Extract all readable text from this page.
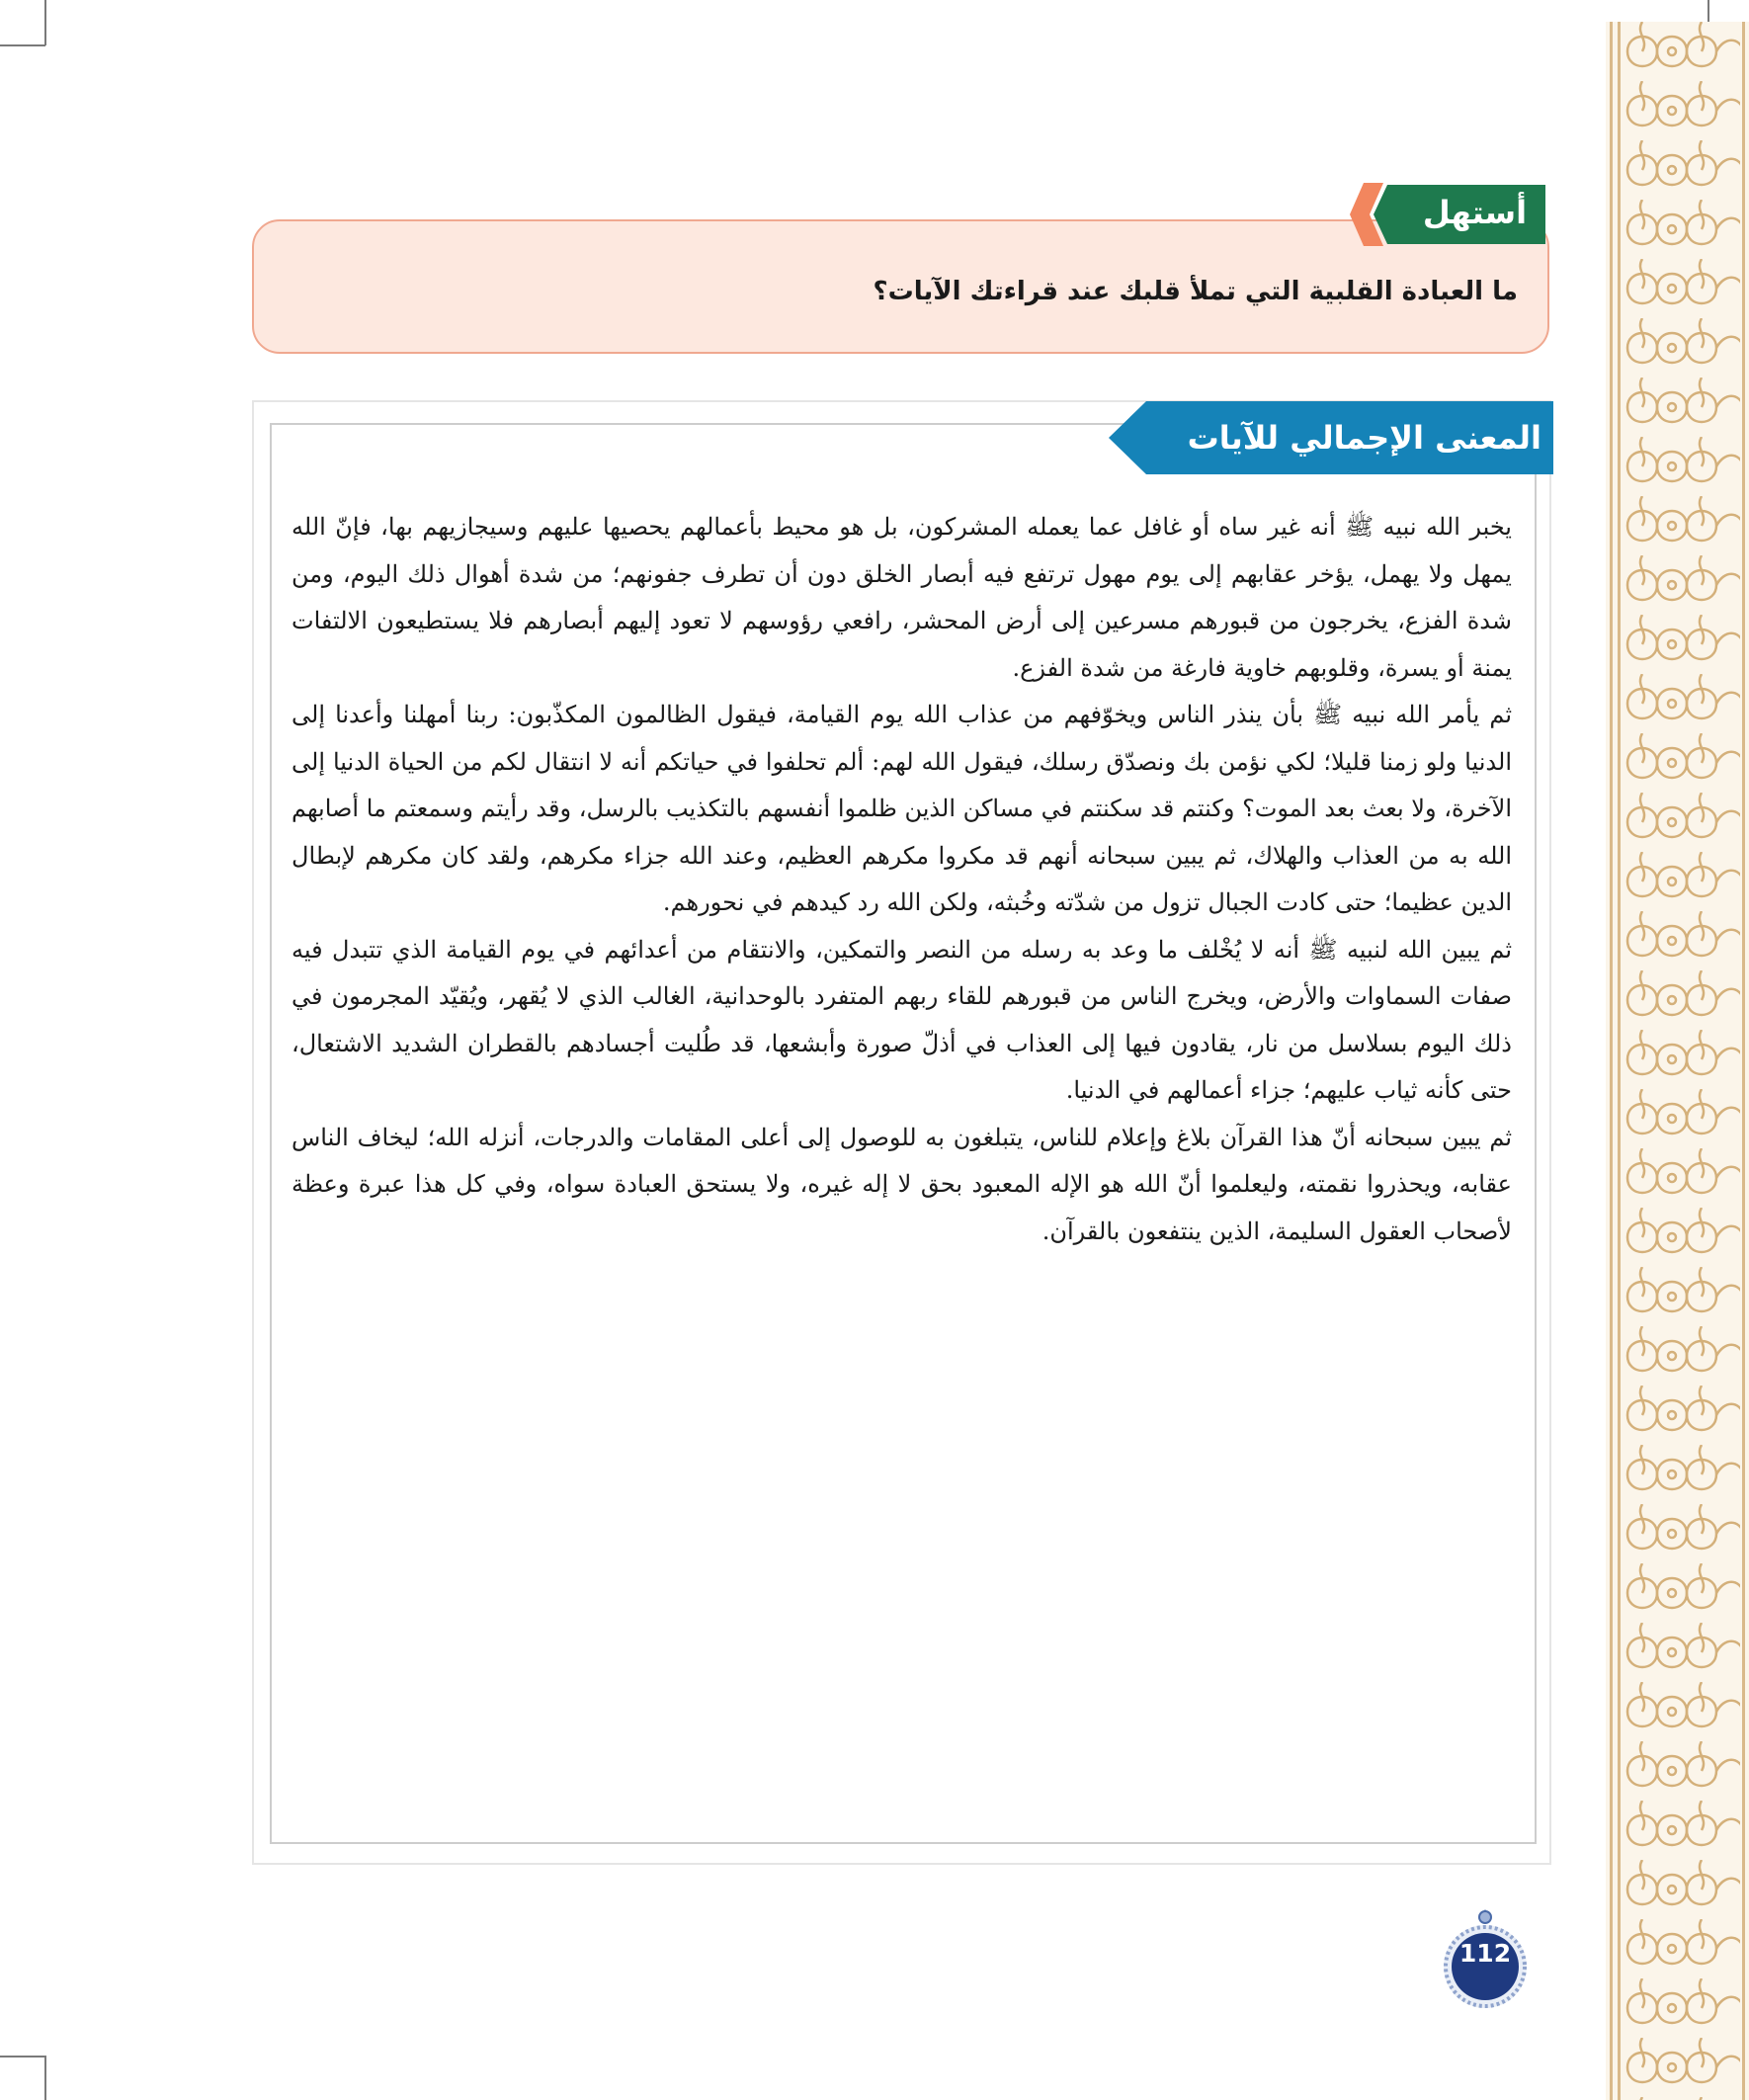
ما العبادة القلبية التي تملأ قلبك عند قراءتك الآيات؟
أستهل
المعنى الإجمالي للآيات

يخبر الله نبيه ﷺ أنه غير ساه أو غافل عما يعمله المشركون، بل هو محيط بأعمالهم يحصيها عليهم وسيجازيهم بها، فإنّ الله يمهل ولا يهمل، يؤخر عقابهم إلى يوم مهول ترتفع فيه أبصار الخلق دون أن تطرف جفونهم؛ من شدة أهوال ذلك اليوم، ومن شدة الفزع، يخرجون من قبورهم مسرعين إلى أرض المحشر، رافعي رؤوسهم لا تعود إليهم أبصارهم فلا يستطيعون الالتفات يمنة أو يسرة، وقلوبهم خاوية فارغة من شدة الفزع.

ثم يأمر الله نبيه ﷺ بأن ينذر الناس ويخوّفهم من عذاب الله يوم القيامة، فيقول الظالمون المكذّبون: ربنا أمهلنا وأعدنا إلى الدنيا ولو زمنا قليلا؛ لكي نؤمن بك ونصدّق رسلك، فيقول الله لهم: ألم تحلفوا في حياتكم أنه لا انتقال لكم من الحياة الدنيا إلى الآخرة، ولا بعث بعد الموت؟ وكنتم قد سكنتم في مساكن الذين ظلموا أنفسهم بالتكذيب بالرسل، وقد رأيتم وسمعتم ما أصابهم الله به من العذاب والهلاك، ثم يبين سبحانه أنهم قد مكروا مكرهم العظيم، وعند الله جزاء مكرهم، ولقد كان مكرهم لإبطال الدين عظيما؛ حتى كادت الجبال تزول من شدّته وخُبثه، ولكن الله رد كيدهم في نحورهم.

ثم يبين الله لنبيه ﷺ أنه لا يُخْلف ما وعد به رسله من النصر والتمكين، والانتقام من أعدائهم في يوم القيامة الذي تتبدل فيه صفات السماوات والأرض، ويخرج الناس من قبورهم للقاء ربهم المتفرد بالوحدانية، الغالب الذي لا يُقهر، ويُقيّد المجرمون في ذلك اليوم بسلاسل من نار، يقادون فيها إلى العذاب في أذلّ صورة وأبشعها، قد طُليت أجسادهم بالقطران الشديد الاشتعال، حتى كأنه ثياب عليهم؛ جزاء أعمالهم في الدنيا.

ثم يبين سبحانه أنّ هذا القرآن بلاغ وإعلام للناس، يتبلغون به للوصول إلى أعلى المقامات والدرجات، أنزله الله؛ ليخاف الناس عقابه، ويحذروا نقمته، وليعلموا أنّ الله هو الإله المعبود بحق لا إله غيره، ولا يستحق العبادة سواه، وفي كل هذا عبرة وعظة لأصحاب العقول السليمة، الذين ينتفعون بالقرآن.

112
